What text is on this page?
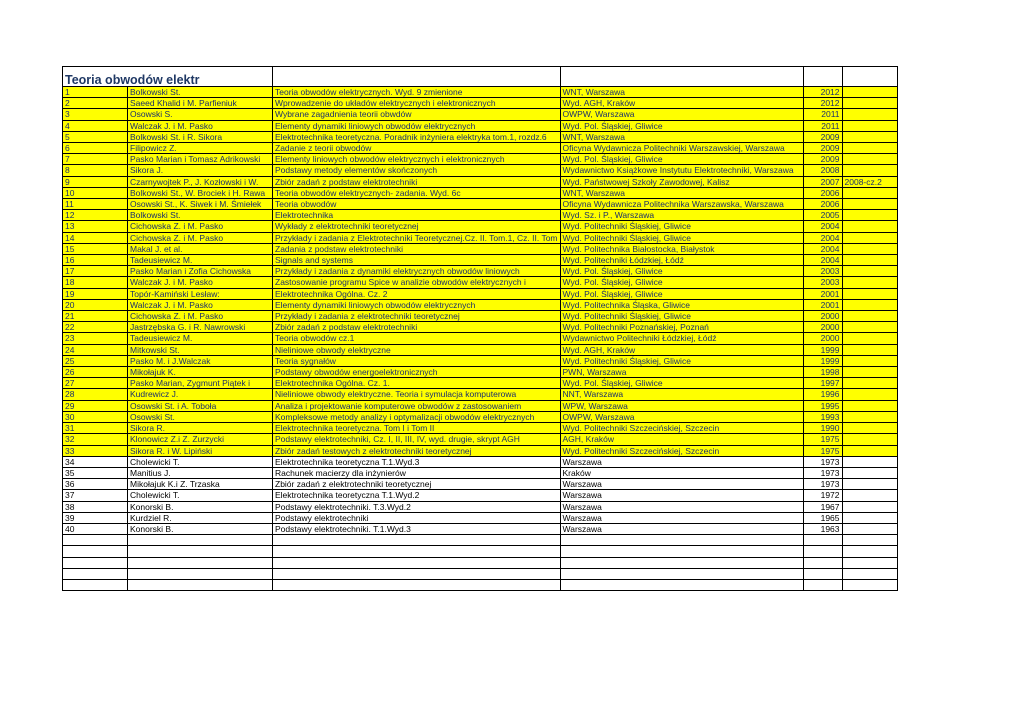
Teoria obwodów elektr					
1	Bolkowski St.	Teoria obwodów elektrycznych. Wyd. 9 zmienione	WNT, Warszawa	2012	
2	Saeed Khalid i M. Parfieniuk	Wprowadzenie do układów elektrycznych i elektronicznych	Wyd. AGH, Kraków	2012	
3	Osowski S.	Wybrane zagadnienia teorii obwdów	OWPW, Warszawa	2011	
4	Walczak J. i M. Pasko	Elementy dynamiki liniowych obwodów elektrycznych	Wyd. Pol. Śląskiej, Gliwice	2011	
5	Bolkowski St. i R. Sikora	Elektrotechnika teoretyczna. Poradnik inżyniera elektryka tom.1, rozdz.6	WNT, Warszawa	2009	
6	Filipowicz Z.	Zadanie z teorii obwodów	Oficyna Wydawnicza Politechniki Warszawskiej, Warszawa	2009	
7	Pasko Marian i Tomasz Adrikowski	Elementy liniowych obwodów elektrycznych i elektronicznych	Wyd. Pol. Śląskiej, Gliwice	2009	
8	Sikora J.	Podstawy metody elementów skończonych	Wydawnictwo Książkowe Instytutu Elektrotechniki, Warszawa	2008	
9	Czarnywojtek P., J. Kozłowski i W.	Zbiór zadań z podstaw elektrotechniki	Wyd. Państwowej Szkoły Zawodowej, Kalisz	2007	2008-cz.2
10	Bolkowski St., W. Brociek i H. Rawa	Teoria obwodów elektrycznych- zadania. Wyd. 6c	WNT, Warszawa	2006	
11	Osowski St., K. Siwek i M. Śmiełek	Teoria obwodów	Oficyna Wydawnicza Politechnika Warszawska, Warszawa	2006	
12	Bolkowski St.	Elektrotechnika	Wyd. Sz. i P., Warszawa	2005	
13	Cichowska Z. i M. Pasko	Wykłady z elektrotechniki teoretycznej	Wyd. Politechniki Śląskiej, Gliwice	2004	
14	Cichowska Z. i M. Pasko	Przykłady i zadania z Elektrotechniki Teoretycznej.Cz. II. Tom.1, Cz. II. Tom	Wyd. Politechniki Śląskiej, Gliwice	2004	
15	Makal J. et al.	Zadania z podstaw elektrotechniki	Wyd. Politechnika Białostocka, Białystok	2004	
16	Tadeusiewicz M.	Signals and systems	Wyd. Politechniki Łódzkiej, Łódź	2004	
17	Pasko Marian i Zofia Cichowska	Przykłady i zadania z dynamiki elektrycznych obwodów liniowych	Wyd. Pol. Śląskiej, Gliwice	2003	
18	Walczak J. i M. Pasko	Zastosowanie programu Spice w analizie obwodów elektrycznych i	Wyd. Pol. Śląskiej, Gliwice	2003	
19	Topór-Kamiński Lesław:	Elektrotechnika Ogólna. Cz. 2	Wyd. Pol. Śląskiej, Gliwice	2001	
20	Walczak J. i M. Pasko	Elementy dynamiki liniowych obwodów elektrycznych	Wyd. Politechnika Śląska, Gliwice	2001	
21	Cichowska Z. i M. Pasko	Przykłady i zadania z elektrotechniki teoretycznej	Wyd. Politechniki Śląskiej, Gliwice	2000	
22	Jastrzębska G. i R. Nawrowski	Zbiór zadań z podstaw elektrotechniki	Wyd. Politechniki Poznańskiej, Poznań	2000	
23	Tadeusiewicz M.	Teoria obwodów cz.1	Wydawnictwo Politechniki Łódzkiej, Łódź	2000	
24	Mitkowski St.	Nieliniowe obwody elektryczne	Wyd. AGH, Kraków	1999	
25	Pasko M. i J.Walczak	Teoria sygnałów	Wyd. Politechniki Śląskiej, Gliwice	1999	
26	Mikołajuk K.	Podstawy obwodów energoelektronicznych	PWN, Warszawa	1998	
27	Pasko Marian, Zygmunt Piątek i	Elektrotechnika Ogólna. Cz. 1.	Wyd. Pol. Śląskiej, Gliwice	1997	
28	Kudrewicz J.	Nieliniowe obwody elektryczne. Teoria i symulacja komputerowa	NNT, Warszawa	1996	
29	Osowski St. i A. Toboła	Analiza i projektowanie komputerowe obwodów z zastosowaniem	WPW, Warszawa	1995	
30	Osowski St.	Kompleksowe metody analizy i optymalizacji obwodów elektrycznych	OWPW, Warszawa	1993	
31	Sikora R.	Elektrotechnika teoretyczna. Tom I i Tom II	Wyd. Politechniki Szczecińskiej, Szczecin	1990	
32	Klonowicz Z.i Z. Zurzycki	Podstawy elektrotechniki, Cz. I, II, III, IV, wyd. drugie, skrypt AGH	AGH, Kraków	1975	
33	Sikora R. i W. Lipiński	Zbiór zadań testowych z elektrotechniki teoretycznej	Wyd. Politechniki Szczecińskiej, Szczecin	1975	
34	Cholewicki T.	Elektrotechnika teoretyczna T.1.Wyd.3	Warszawa	1973	
35	Manitius J.	Rachunek macierzy dla inżynierów	Kraków	1973	
36	Mikołajuk K.i Z. Trzaska	Zbiór zadań z elektrotechniki teoretycznej	Warszawa	1973	
37	Cholewicki T.	Elektrotechnika teoretyczna T.1.Wyd.2	Warszawa	1972	
38	Konorski B.	Podstawy elektrotechniki. T.3.Wyd.2	Warszawa	1967	
39	Kurdziel R.	Podstawy elektrotechniki	Warszawa	1965	
40	Konorski B.	Podstawy elektrotechniki. T.1.Wyd.3	Warszawa	1963	
